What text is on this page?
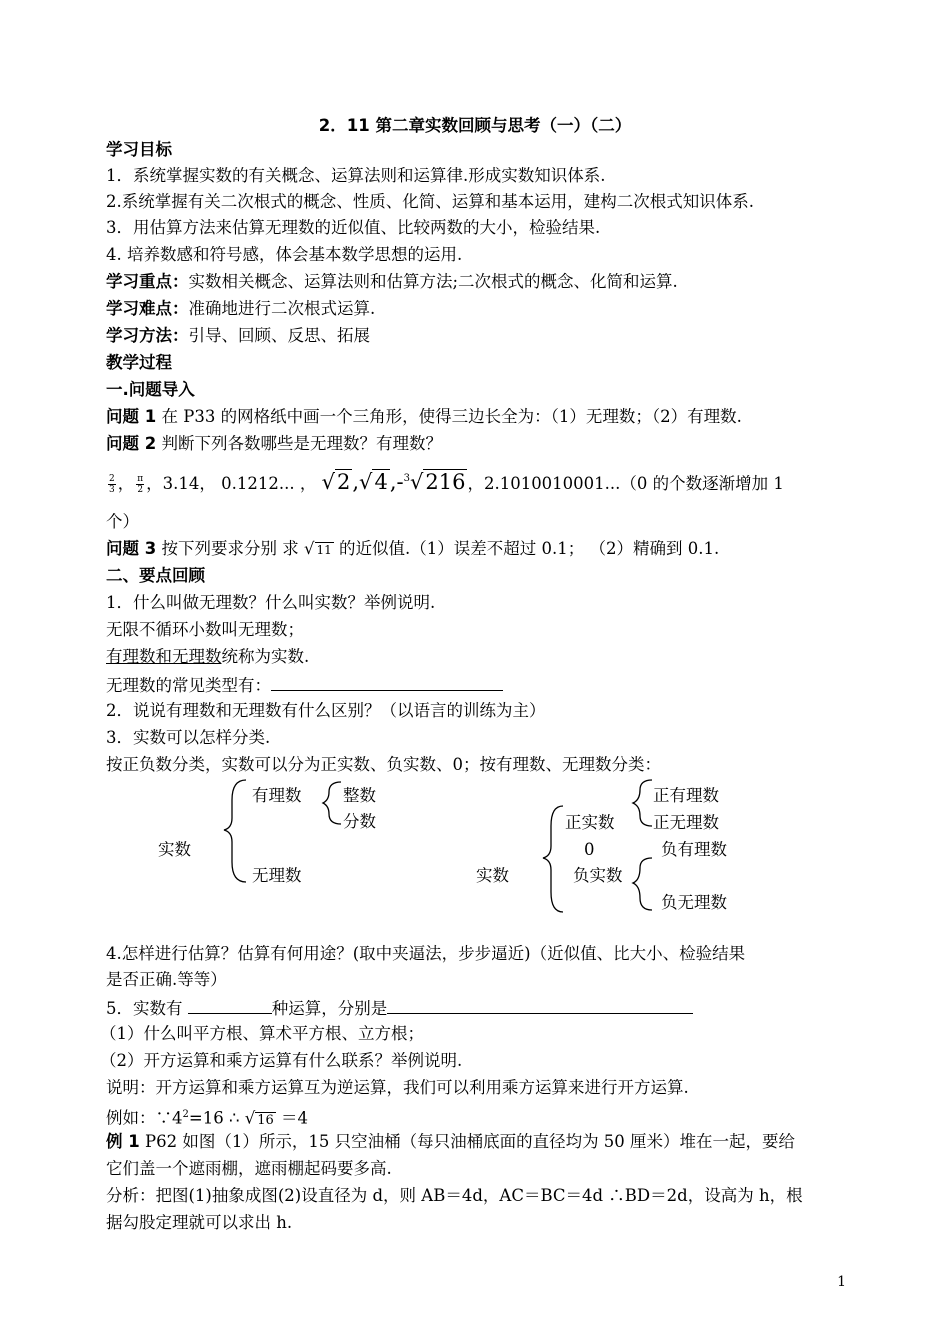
2．11 第二章实数回顾与思考（一）（二）
学习目标
1．系统掌握实数的有关概念、运算法则和运算律.形成实数知识体系.
2.系统掌握有关二次根式的概念、性质、化简、运算和基本运用，建构二次根式知识体系.
3．用估算方法来估算无理数的近似值、比较两数的大小，检验结果.
4. 培养数感和符号感，体会基本数学思想的运用.
学习重点：实数相关概念、运算法则和估算方法;二次根式的概念、化简和运算.
学习难点：准确地进行二次根式运算.
学习方法：引导、回顾、反思、拓展
教学过程
一.问题导入
问题 1 在 P33 的网格纸中画一个三角形，使得三边长全为：（1）无理数；（2）有理数.
问题 2 判断下列各数哪些是无理数？有理数？
$\frac{2}{3}$ ， $\frac{\pi}{2}$ ，3.14， 0.1212... ， √2,√4,-$^3$√216 ，2.1010010001...（0 的个数逐渐增加 1
个）
问题 3 按下列要求分别 求 √ 11 的近似值.（1）误差不超过 0.1； （2）精确到 0.1.
二、要点回顾
1．什么叫做无理数？什么叫实数？举例说明.
无限不循环小数叫无理数；
有理数和无理数统称为实数.
无理数的常见类型有：
2．说说有理数和无理数有什么区别？（以语言的训练为主）
3．实数可以怎样分类.
按正负数分类，实数可以分为正实数、负实数、0；按有理数、无理数分类：
实数
有理数	整数
分数
无理数	实数
正实数
0
负实数
正有理数
正无理数
负有理数
负无理数
4.怎样进行估算？估算有何用途？(取中夹逼法，步步逼近)（近似值、比大小、检验结果
是否正确.等等）
5．实数有	种运算，分别是
（1）什么叫平方根、算术平方根、立方根；
（2）开方运算和乘方运算有什么联系？举例说明.
说明：开方运算和乘方运算互为逆运算，我们可以利用乘方运算来进行开方运算.
例如：$\because 4^2=16$ ∴ √ 16 ＝4
例 1 P62 如图（1）所示，15 只空油桶（每只油桶底面的直径均为 50 厘米）堆在一起，要给
它们盖一个遮雨棚，遮雨棚起码要多高.
分析：把图(1)抽象成图(2)设直径为 d，则 AB＝4d，AC＝BC＝4d ∴BD＝2d，设高为 h，根
据勾股定理就可以求出 h.
1
